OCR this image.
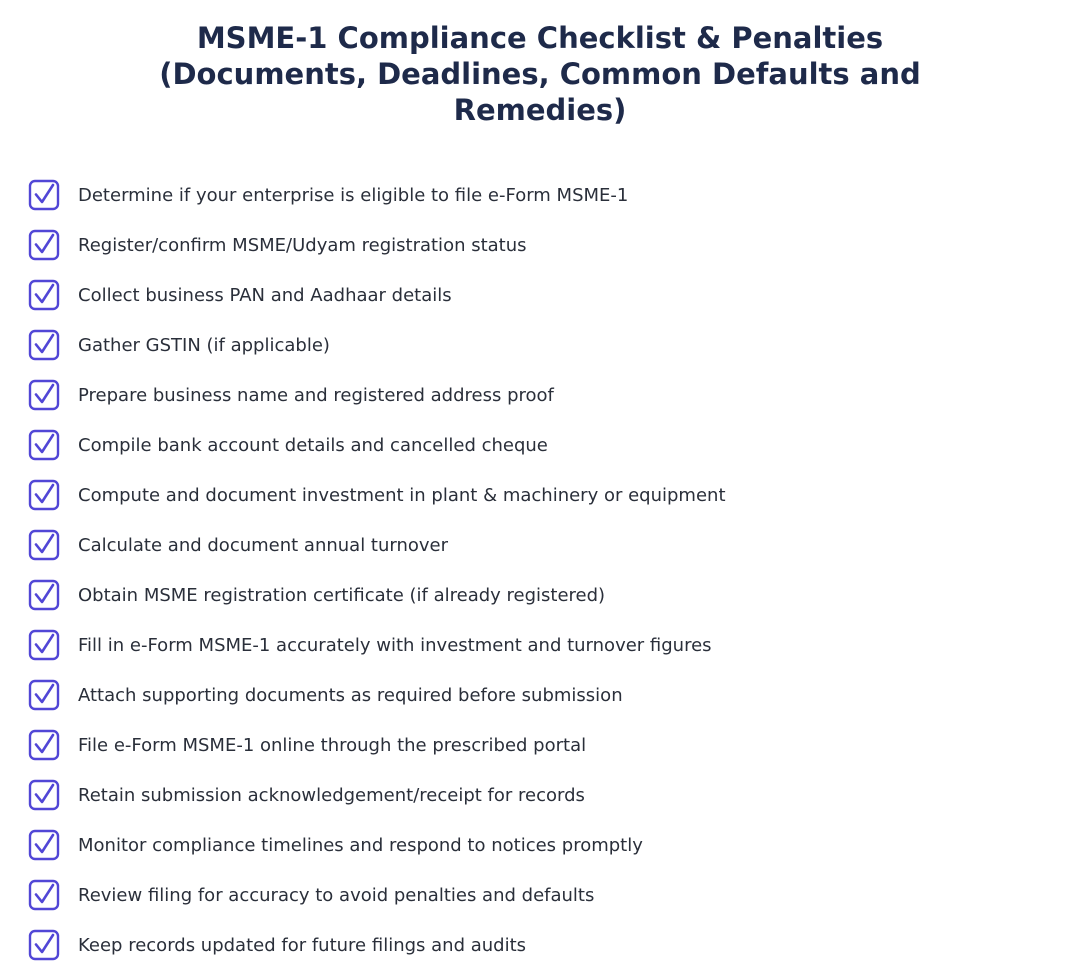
MSME-1 Compliance Checklist & Penalties (Documents, Deadlines, Common Defaults and Remedies)
Determine if your enterprise is eligible to file e-Form MSME-1
Register/confirm MSME/Udyam registration status
Collect business PAN and Aadhaar details
Gather GSTIN (if applicable)
Prepare business name and registered address proof
Compile bank account details and cancelled cheque
Compute and document investment in plant & machinery or equipment
Calculate and document annual turnover
Obtain MSME registration certificate (if already registered)
Fill in e-Form MSME-1 accurately with investment and turnover figures
Attach supporting documents as required before submission
File e-Form MSME-1 online through the prescribed portal
Retain submission acknowledgement/receipt for records
Monitor compliance timelines and respond to notices promptly
Review filing for accuracy to avoid penalties and defaults
Keep records updated for future filings and audits
